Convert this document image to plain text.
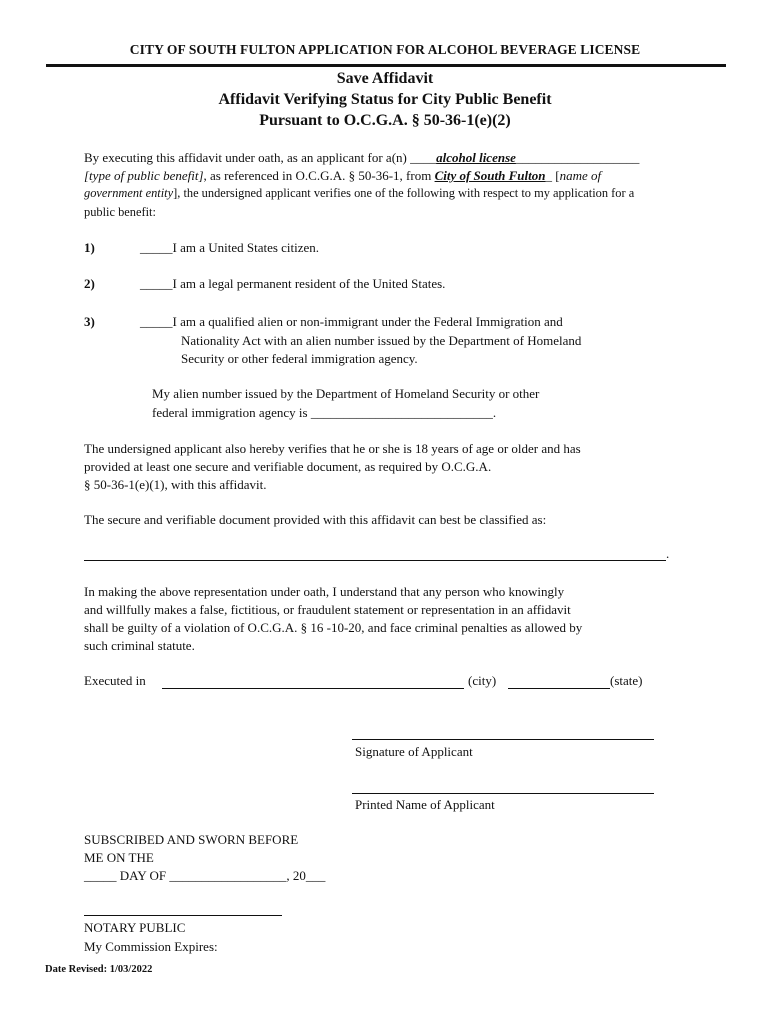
CITY OF SOUTH FULTON APPLICATION FOR ALCOHOL BEVERAGE LICENSE
Save Affidavit
Affidavit Verifying Status for City Public Benefit
Pursuant to O.C.G.A. § 50-36-1(e)(2)
By executing this affidavit under oath, as an applicant for a(n) ____alcohol license___________________
[type of public benefit], as referenced in O.C.G.A. § 50-36-1, from City of South Fulton_ [name of
government entity], the undersigned applicant verifies one of the following with respect to my application for a
public benefit:
1)	_____I am a United States citizen.
2)	_____I am a legal permanent resident of the United States.
3)	_____I am a qualified alien or non-immigrant under the Federal Immigration and
Nationality Act with an alien number issued by the Department of Homeland
Security or other federal immigration agency.
My alien number issued by the Department of Homeland Security or other
federal immigration agency is ____________________________.
The undersigned applicant also hereby verifies that he or she is 18 years of age or older and has
provided at least one secure and verifiable document, as required by O.C.G.A.
§ 50-36-1(e)(1), with this affidavit.
The secure and verifiable document provided with this affidavit can best be classified as:
.
In making the above representation under oath, I understand that any person who knowingly
and willfully makes a false, fictitious, or fraudulent statement or representation in an affidavit
shall be guilty of a violation of O.C.G.A. § 16 -10-20, and face criminal penalties as allowed by
such criminal statute.
Executed in	(city)	(state)
Signature of Applicant
Printed Name of Applicant
SUBSCRIBED AND SWORN BEFORE
ME ON THE
_____ DAY OF __________________, 20___
NOTARY PUBLIC
My Commission Expires:
Date Revised: 1/03/2022
